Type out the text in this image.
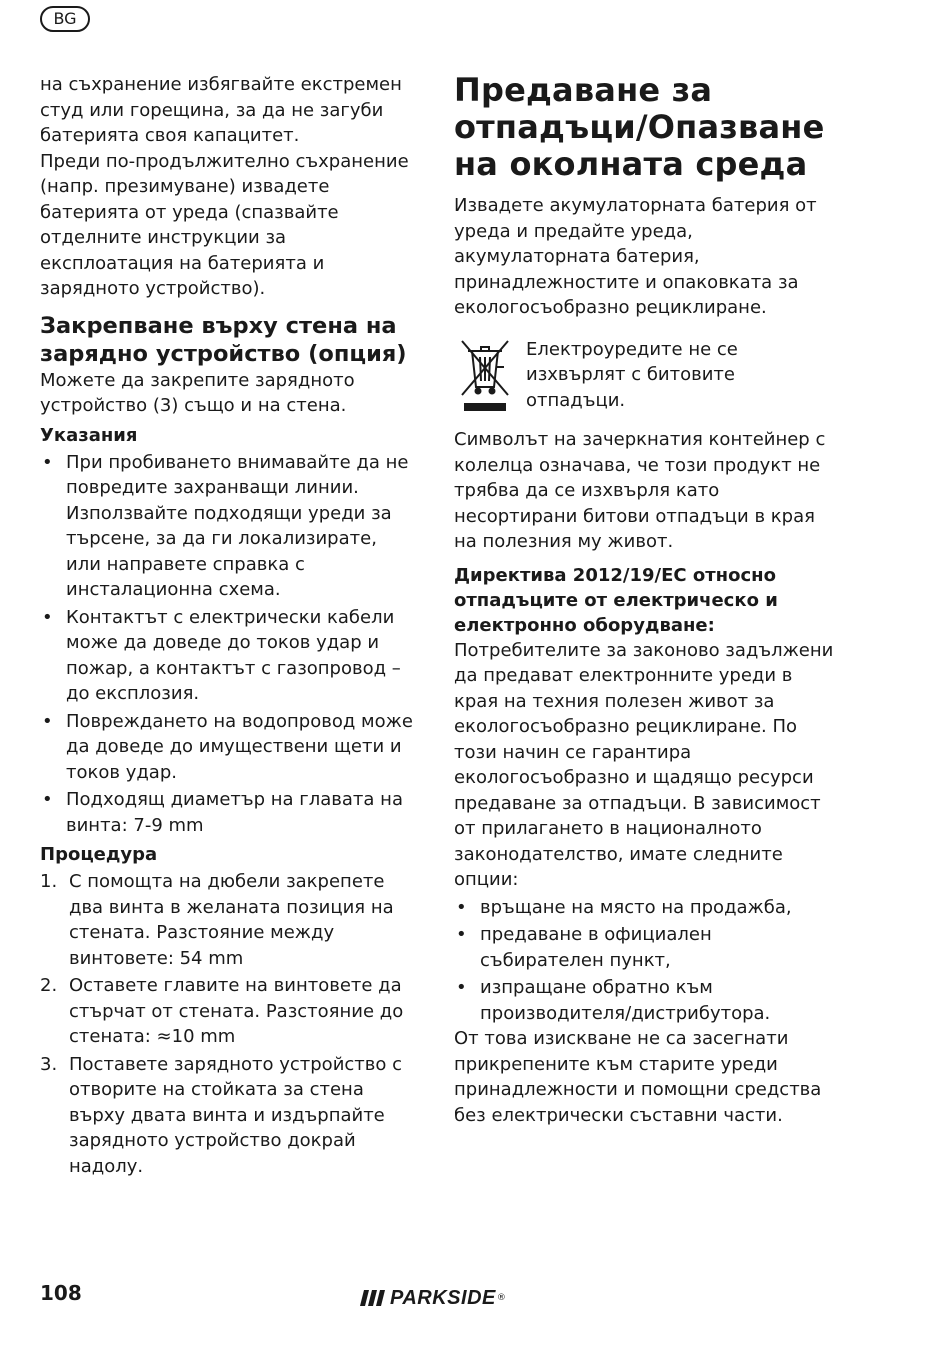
BG

на съхранение избягвайте екстремен студ или горещина, за да не загуби батерията своя капацитет.

Преди по-продължително съхранение (напр. презимуване) извадете батерията от уреда (спазвайте отделните инструкции за експлоатация на батерията и зарядното устройство).

Закрепване върху стена на зарядно устройство (опция)

Можете да закрепите зарядното устройство (3) също и на стена.

Указания
• При пробиването внимавайте да не повредите захранващи линии. Използвайте подходящи уреди за търсене, за да ги локализирате, или направете справка с инсталационна схема.
• Контактът с електрически кабели може да доведе до токов удар и пожар, а контактът с газопровод – до експлозия.
• Повреждането на водопровод може да доведе до имуществени щети и токов удар.
• Подходящ диаметър на главата на винта: 7-9 mm
Процедура
1. С помощта на дюбели закрепете два винта в желаната позиция на стената. Разстояние между винтовете: 54 mm
2. Оставете главите на винтовете да стърчат от стената. Разстояние до стената: ≈10 mm
3. Поставете зарядното устройство с отворите на стойката за стена върху двата винта и издърпайте зарядното устройство докрай надолу.
Предаване за отпадъци/Опазване на околната среда

Извадете акумулаторната батерия от уреда и предайте уреда, акумулаторната батерия, принадлежностите и опаковката за екологосъобразно рециклиране.

Електроуредите не се изхвърлят с битовите отпадъци.

Символът на зачеркнатия контейнер с колелца означава, че този продукт не трябва да се изхвърля като несортирани битови отпадъци в края на полезния му живот.

Директива 2012/19/EC относно отпадъците от електрическо и електронно оборудване:

Потребителите за законово задължени да предават електронните уреди в края на техния полезен живот за екологосъобразно рециклиране. По този начин се гарантира екологосъобразно и щадящо ресурси предаване за отпадъци. В зависимост от прилагането в националното законодателство, имате следните опции:

• връщане на място на продажба,
• предаване в официален събирателен пункт,
• изпращане обратно към производителя/дистрибутора.

От това изискване не са засегнати прикрепените към старите уреди принадлежности и помощни средства без електрически съставни части.

108	PARKSIDE ®
